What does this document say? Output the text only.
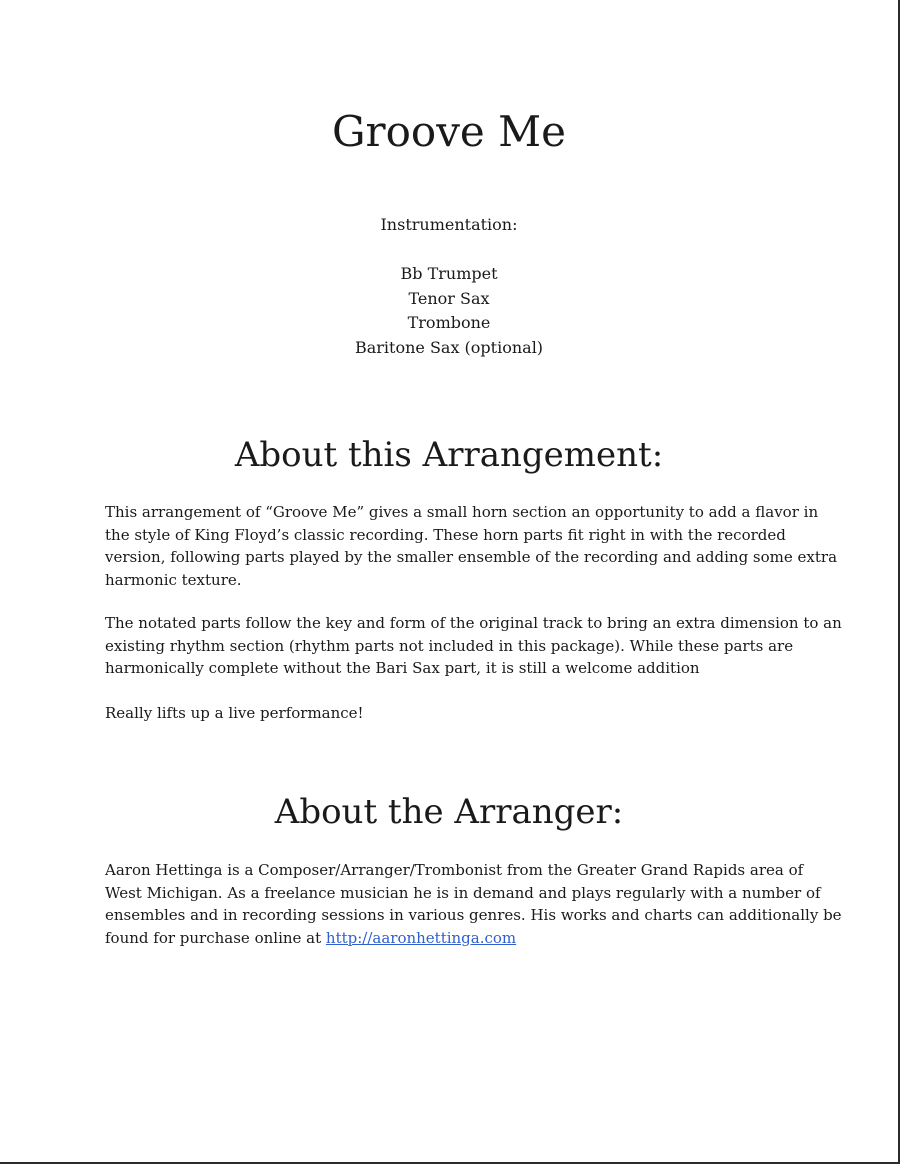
Groove Me
Instrumentation:
Bb Trumpet
Tenor Sax
Trombone
Baritone Sax (optional)
About this Arrangement:

This arrangement of “Groove Me” gives a small horn section an opportunity to add a flavor in
the style of King Floyd’s classic recording. These horn parts fit right in with the recorded
version, following parts played by the smaller ensemble of the recording and adding some extra
harmonic texture.

The notated parts follow the key and form of the original track to bring an extra dimension to an
existing rhythm section (rhythm parts not included in this package). While these parts are
harmonically complete without the Bari Sax part, it is still a welcome addition

Really lifts up a live performance!

About the Arranger:

Aaron Hettinga is a Composer/Arranger/Trombonist from the Greater Grand Rapids area of
West Michigan. As a freelance musician he is in demand and plays regularly with a number of
ensembles and in recording sessions in various genres. His works and charts can additionally be
found for purchase online at http://aaronhettinga.com
